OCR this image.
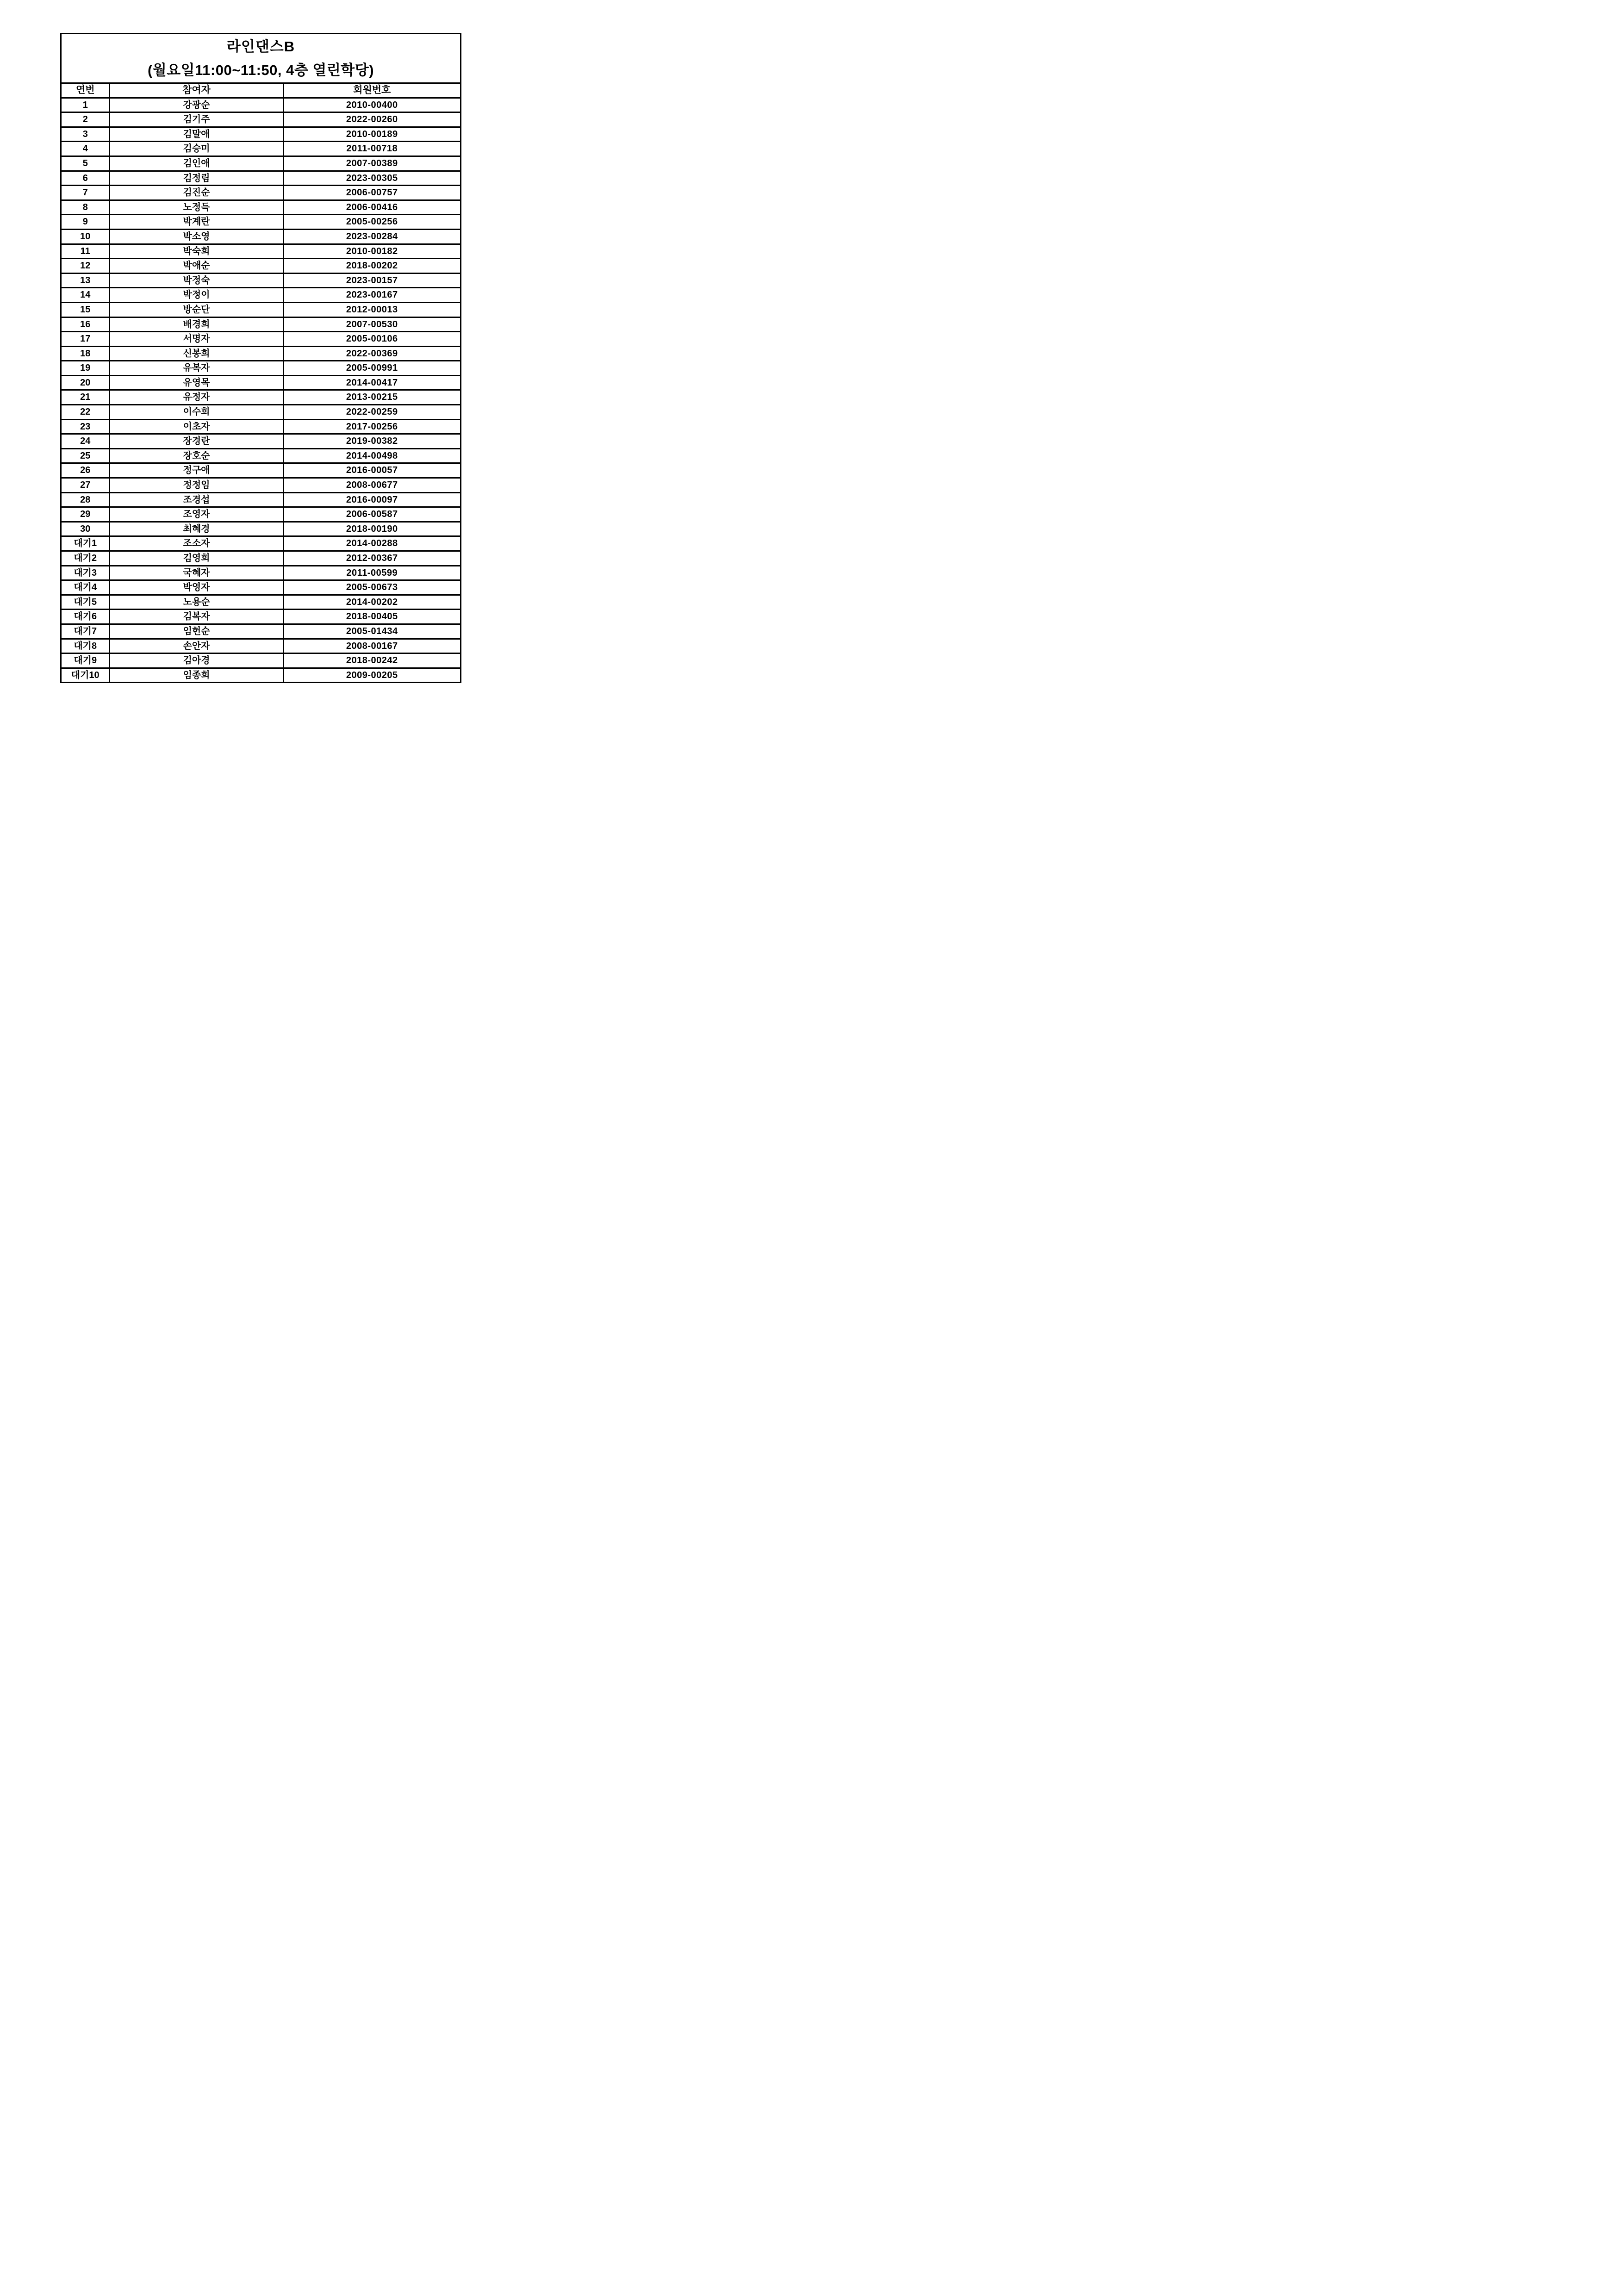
라인댄스B
(월요일11:00~11:50, 4층 열린학당)		

연번	참여자	회원번호
1	강광순	2010-00400
2	김기주	2022-00260
3	김말애	2010-00189
4	김승미	2011-00718
5	김인애	2007-00389
6	김정림	2023-00305
7	김진순	2006-00757
8	노정득	2006-00416
9	박계란	2005-00256
10	박소영	2023-00284
11	박숙희	2010-00182
12	박애순	2018-00202
13	박정숙	2023-00157
14	박정이	2023-00167
15	방순단	2012-00013
16	배경희	2007-00530
17	서명자	2005-00106
18	신봉희	2022-00369
19	유복자	2005-00991
20	유영목	2014-00417
21	유정자	2013-00215
22	이수희	2022-00259
23	이초자	2017-00256
24	장경란	2019-00382
25	장호순	2014-00498
26	정구애	2016-00057
27	정정임	2008-00677
28	조경섭	2016-00097
29	조영자	2006-00587
30	최혜경	2018-00190
대기1	조소자	2014-00288
대기2	김영희	2012-00367
대기3	국혜자	2011-00599
대기4	박영자	2005-00673
대기5	노용순	2014-00202
대기6	김복자	2018-00405
대기7	임헌순	2005-01434
대기8	손안자	2008-00167
대기9	김아경	2018-00242
대기10	임종희	2009-00205
